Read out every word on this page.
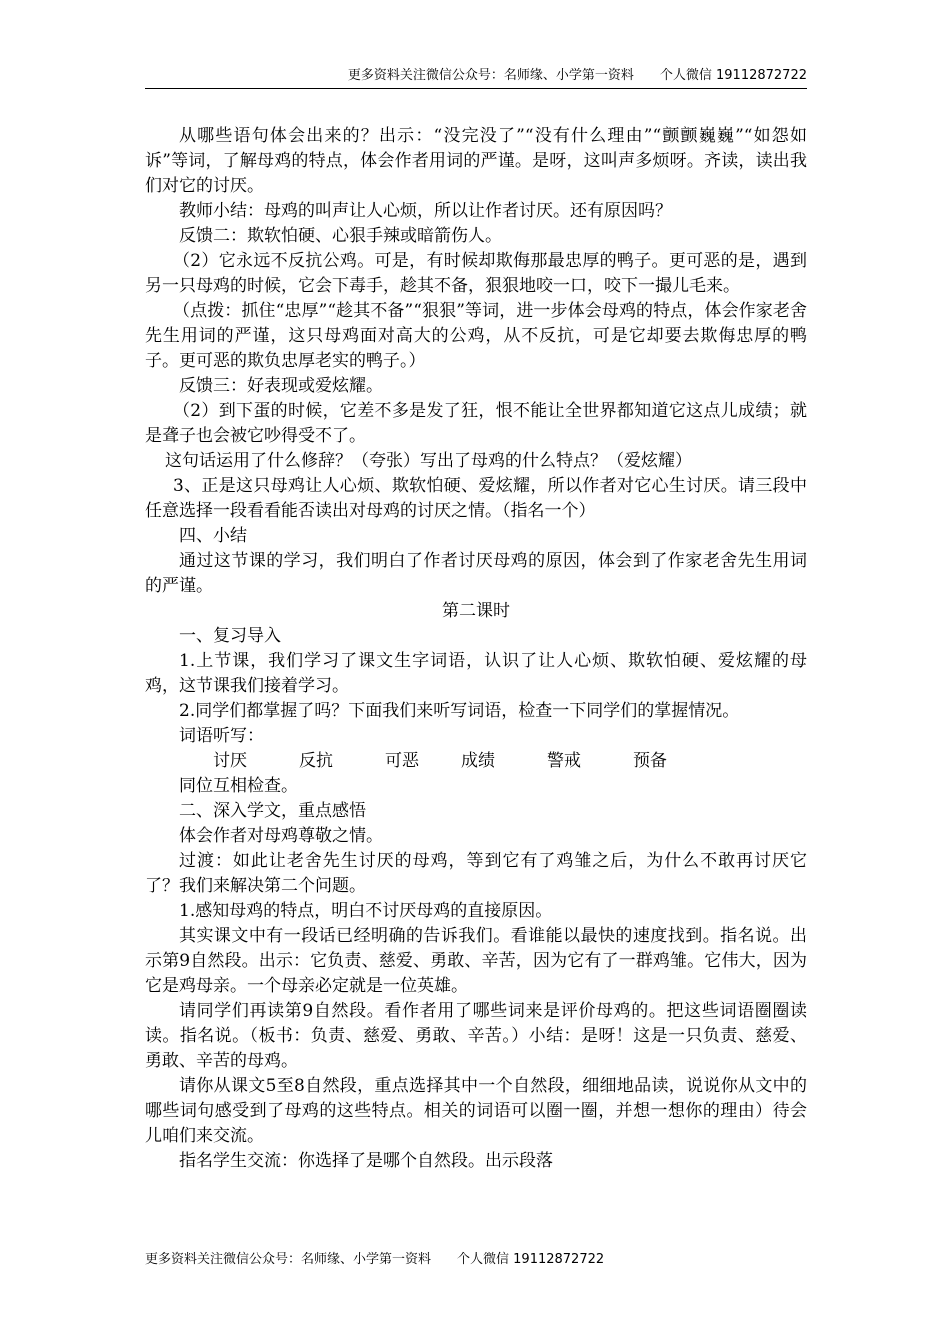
更多资料关注微信公众号：名师缘、小学第一资料 个人微信 19112872722

从哪些语句体会出来的？出示：“没完没了”“没有什么理由”“颤颤巍巍”“如怨如诉”等词，了解母鸡的特点，体会作者用词的严谨。是呀，这叫声多烦呀。齐读，读出我们对它的讨厌。

教师小结：母鸡的叫声让人心烦，所以让作者讨厌。还有原因吗？

反馈二：欺软怕硬、心狠手辣或暗箭伤人。

（2）它永远不反抗公鸡。可是，有时候却欺侮那最忠厚的鸭子。更可恶的是，遇到另一只母鸡的时候，它会下毒手，趁其不备，狠狠地咬一口，咬下一撮儿毛来。

（点拨：抓住“忠厚”“趁其不备”“狠狠”等词，进一步体会母鸡的特点，体会作家老舍先生用词的严谨，这只母鸡面对高大的公鸡，从不反抗，可是它却要去欺侮忠厚的鸭子。更可恶的欺负忠厚老实的鸭子。）

反馈三：好表现或爱炫耀。

（2）到下蛋的时候，它差不多是发了狂，恨不能让全世界都知道它这点儿成绩；就是聋子也会被它吵得受不了。

这句话运用了什么修辞？（夸张）写出了母鸡的什么特点？（爱炫耀）

3、正是这只母鸡让人心烦、欺软怕硬、爱炫耀，所以作者对它心生讨厌。请三段中任意选择一段看看能否读出对母鸡的讨厌之情。（指名一个）

四、小结

通过这节课的学习，我们明白了作者讨厌母鸡的原因，体会到了作家老舍先生用词的严谨。

第二课时

一、复习导入

1.上节课，我们学习了课文生字词语，认识了让人心烦、欺软怕硬、爱炫耀的母鸡，这节课我们接着学习。

2.同学们都掌握了吗？下面我们来听写词语，检查一下同学们的掌握情况。

词语听写：

讨厌	反抗	可恶 成绩	警戒	预备

同位互相检查。

二、深入学文，重点感悟

体会作者对母鸡尊敬之情。

过渡：如此让老舍先生讨厌的母鸡，等到它有了鸡雏之后，为什么不敢再讨厌它了？我们来解决第二个问题。

1.感知母鸡的特点，明白不讨厌母鸡的直接原因。

其实课文中有一段话已经明确的告诉我们。看谁能以最快的速度找到。指名说。出示第9自然段。出示：它负责、慈爱、勇敢、辛苦，因为它有了一群鸡雏。它伟大，因为它是鸡母亲。一个母亲必定就是一位英雄。

请同学们再读第9自然段。看作者用了哪些词来是评价母鸡的。把这些词语圈圈读读。指名说。（板书：负责、慈爱、勇敢、辛苦。）小结：是呀！这是一只负责、慈爱、勇敢、辛苦的母鸡。

请你从课文5至8自然段，重点选择其中一个自然段，细细地品读，说说你从文中的哪些词句感受到了母鸡的这些特点。相关的词语可以圈一圈，并想一想你的理由）待会儿咱们来交流。

指名学生交流：你选择了是哪个自然段。出示段落

更多资料关注微信公众号：名师缘、小学第一资料 个人微信 19112872722
